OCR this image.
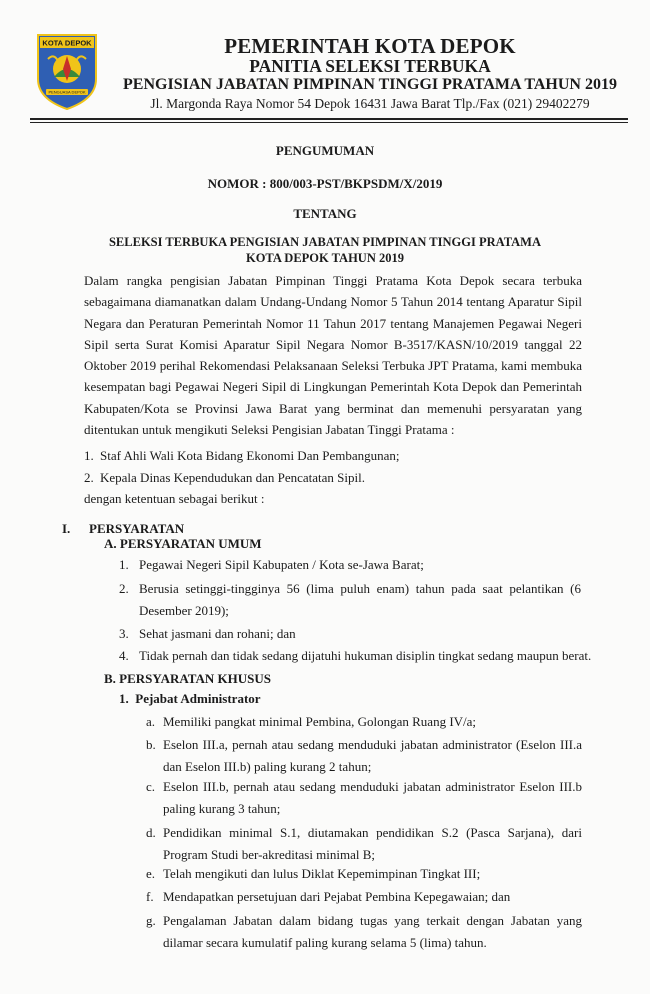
KOTA DEPOK
PENGUASA DEPOK
PEMERINTAH KOTA DEPOK
PANITIA SELEKSI TERBUKA
PENGISIAN JABATAN PIMPINAN TINGGI PRATAMA TAHUN 2019
Jl. Margonda Raya Nomor 54 Depok 16431 Jawa Barat Tlp./Fax (021) 29402279
PENGUMUMAN
NOMOR : 800/003-PST/BKPSDM/X/2019
TENTANG
SELEKSI TERBUKA PENGISIAN JABATAN PIMPINAN TINGGI PRATAMA
KOTA DEPOK TAHUN 2019

Dalam rangka pengisian Jabatan Pimpinan Tinggi Pratama Kota Depok secara terbuka sebagaimana diamanatkan dalam Undang-Undang Nomor 5 Tahun 2014 tentang Aparatur Sipil Negara dan Peraturan Pemerintah Nomor 11 Tahun 2017 tentang Manajemen Pegawai Negeri Sipil serta Surat Komisi Aparatur Sipil Negara Nomor B-3517/KASN/10/2019 tanggal 22 Oktober 2019 perihal Rekomendasi Pelaksanaan Seleksi Terbuka JPT Pratama, kami membuka kesempatan bagi Pegawai Negeri Sipil di Lingkungan Pemerintah Kota Depok dan Pemerintah Kabupaten/Kota se Provinsi Jawa Barat yang berminat dan memenuhi persyaratan yang ditentukan untuk mengikuti Seleksi Pengisian Jabatan Tinggi Pratama :

1. Staf Ahli Wali Kota Bidang Ekonomi Dan Pembangunan;
2. Kepala Dinas Kependudukan dan Pencatatan Sipil.
dengan ketentuan sebagai berikut :
I. PERSYARATAN
A. PERSYARATAN UMUM
1. Pegawai Negeri Sipil Kabupaten / Kota se-Jawa Barat;
2. Berusia setinggi-tingginya 56 (lima puluh enam) tahun pada saat pelantikan (6 Desember 2019);
3. Sehat jasmani dan rohani; dan
4. Tidak pernah dan tidak sedang dijatuhi hukuman disiplin tingkat sedang maupun berat.
B. PERSYARATAN KHUSUS
1.  Pejabat Administrator
a. Memiliki pangkat minimal Pembina, Golongan Ruang IV/a;
b. Eselon III.a, pernah atau sedang menduduki jabatan administrator (Eselon III.a dan Eselon III.b) paling kurang 2 tahun;
c. Eselon III.b, pernah atau sedang menduduki jabatan administrator Eselon III.b paling kurang 3 tahun;
d. Pendidikan minimal S.1, diutamakan pendidikan S.2 (Pasca Sarjana), dari Program Studi ber-akreditasi minimal B;
e. Telah mengikuti dan lulus Diklat Kepemimpinan Tingkat III;
f. Mendapatkan persetujuan dari Pejabat Pembina Kepegawaian; dan
g. Pengalaman Jabatan dalam bidang tugas yang terkait dengan Jabatan yang dilamar secara kumulatif paling kurang selama 5 (lima) tahun.
